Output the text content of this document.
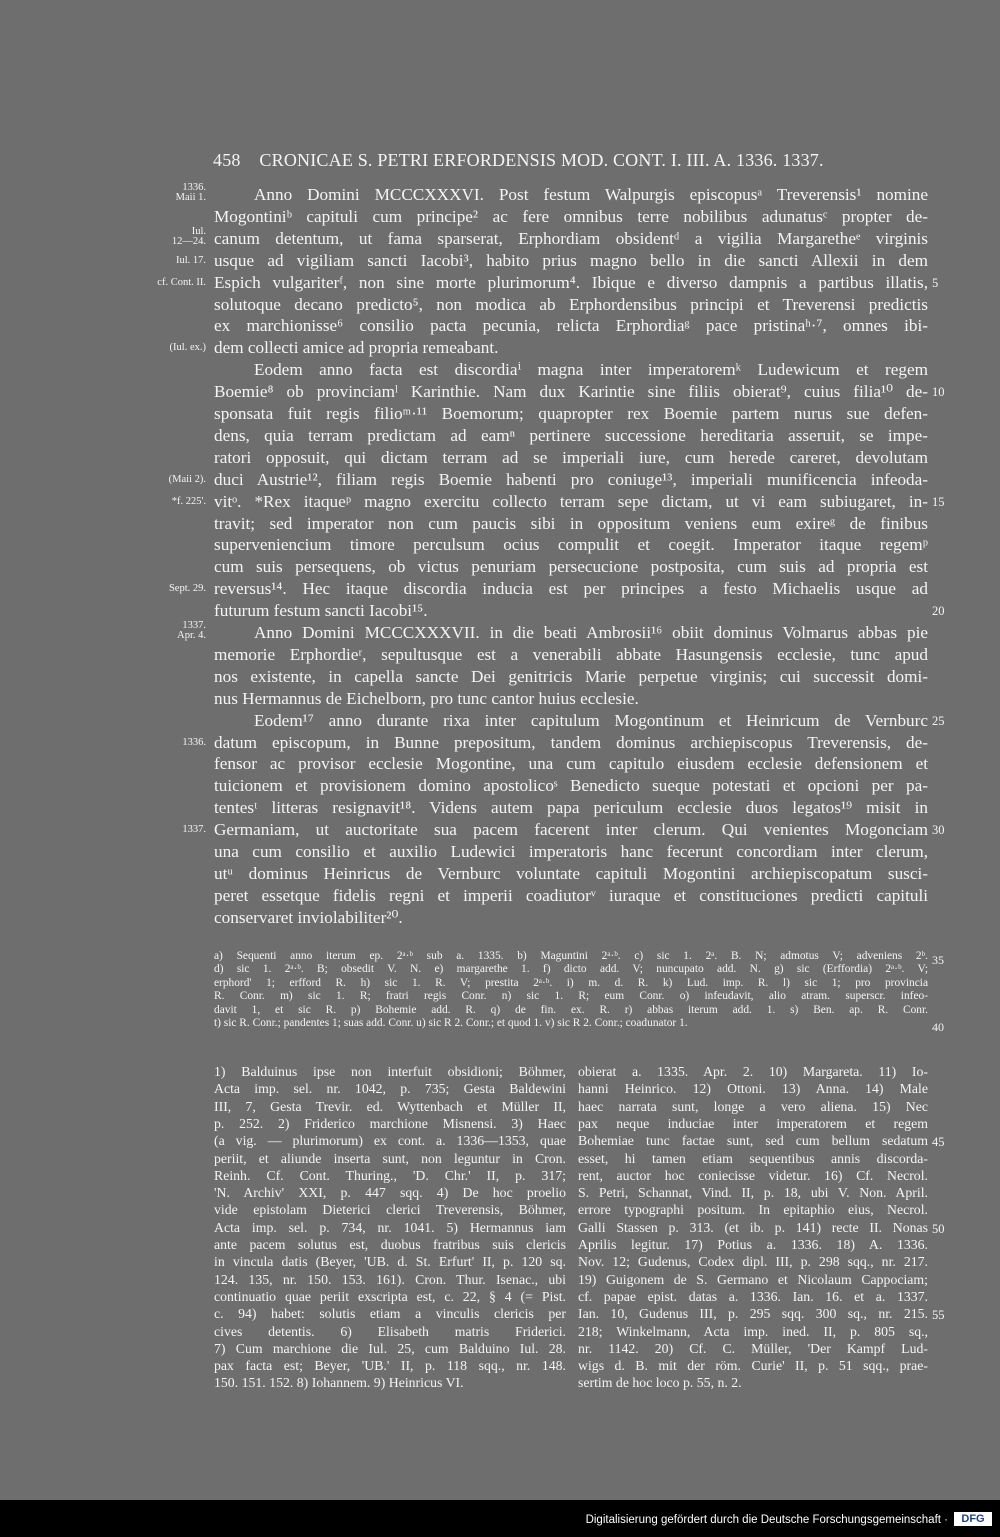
458 CRONICAE S. PETRI ERFORDENSIS MOD. CONT. I. III. A. 1336. 1337.
Anno Domini MCCCXXXVI. Post festum Walpurgis episcopusᵃ Treverensis¹ nomine
Mogontiniᵇ capituli cum principe² ac fere omnibus terre nobilibus adunatusᶜ propter de-
canum detentum, ut fama sparserat, Erphordiam obsidentᵈ a vigilia Margaretheᵉ virginis
usque ad vigiliam sancti Iacobi³, habito prius magno bello in die sancti Allexii in dem
Espich vulgariterᶠ, non sine morte plurimorum⁴. Ibique e diverso dampnis a partibus illatis,
solutoque decano predicto⁵, non modica ab Erphordensibus principi et Treverensi predictis
ex marchionisse⁶ consilio pacta pecunia, relicta Erphordiaᵍ pace pristinaʰ·⁷, omnes ibi-
dem collecti amice ad propria remeabant.
Eodem anno facta est discordiaⁱ magna inter imperatoremᵏ Ludewicum et regem
Boemie⁸ ob provinciamˡ Karinthie. Nam dux Karintie sine filiis obierat⁹, cuius filia¹⁰ de-
sponsata fuit regis filioᵐ·¹¹ Boemorum; quapropter rex Boemie partem nurus sue defen-
dens, quia terram predictam ad eamⁿ pertinere successione hereditaria asseruit, se impe-
ratori opposuit, qui dictam terram ad se imperiali iure, cum herede careret, devolutam
duci Austrie¹², filiam regis Boemie habenti pro coniuge¹³, imperiali munificencia infeoda-
vitᵒ. *Rex itaqueᵖ magno exercitu collecto terram sepe dictam, ut vi eam subiugaret, in-
travit; sed imperator non cum paucis sibi in oppositum veniens eum exireᵍ de finibus
superveniencium timore perculsum ocius compulit et coegit. Imperator itaque regemᵖ
cum suis persequens, ob victus penuriam persecucione postposita, cum suis ad propria est
reversus¹⁴. Hec itaque discordia inducia est per principes a festo Michaelis usque ad
futurum festum sancti Iacobi¹⁵.
Anno Domini MCCCXXXVII. in die beati Ambrosii¹⁶ obiit dominus Volmarus abbas pie
memorie Erphordieʳ, sepultusque est a venerabili abbate Hasungensis ecclesie, tunc apud
nos existente, in capella sancte Dei genitricis Marie perpetue virginis; cui successit domi-
nus Hermannus de Eichelborn, pro tunc cantor huius ecclesie.
Eodem¹⁷ anno durante rixa inter capitulum Mogontinum et Heinricum de Vernburc
datum episcopum, in Bunne prepositum, tandem dominus archiepiscopus Treverensis, de-
fensor ac provisor ecclesie Mogontine, una cum capitulo eiusdem ecclesie defensionem et
tuicionem et provisionem domino apostolicoˢ Benedicto sueque potestati et opcioni per pa-
tentesᵗ litteras resignavit¹⁸. Videns autem papa periculum ecclesie duos legatos¹⁹ misit in
Germaniam, ut auctoritate sua pacem facerent inter clerum. Qui venientes Mogonciam
una cum consilio et auxilio Ludewici imperatoris hanc fecerunt concordiam inter clerum,
utᵘ dominus Heinricus de Vernburc voluntate capituli Mogontini archiepiscopatum susci-
peret essetque fidelis regni et imperii coadiutorᵛ iuraque et constituciones predicti capituli
conservaret inviolabiliter²⁰.
1336.
Maii 1.
Iul.
12—24.
Iul. 17.
cf. Cont. II.
(Iul. ex.)
(Maii 2).
*f. 225'.
Sept. 29.
1337.
Apr. 4.
1336.
1337.
5
10
15
20
25
30
a) Sequenti anno iterum ep. 2ᵃ·ᵇ sub a. 1335. b) Maguntini 2ᵃ·ᵇ. c) sic 1. 2ᵃ. B. N; admotus V; adveniens 2ᵇ. 35
d) sic 1. 2ᵃ·ᵇ. B; obsedit V. N. e) margarethe 1. f) dicto add. V; nuncupato add. N. g) sic (Erffordia) 2ᵃ·ᵇ. V;
erphord' 1; erfford R. h) sic 1. R. V; prestita 2ᵃ·ᵇ. i) m. d. R. k) Lud. imp. R. l) sic 1; pro provincia
R. Conr. m) sic 1. R; fratri regis Conr. n) sic 1. R; eum Conr. o) infeudavit, alio atram. superscr. infeo-
davit 1, et sic R. p) Bohemie add. R. q) de fin. ex. R. r) abbas iterum add. 1. s) Ben. ap. R. Conr.
t) sic R. Conr.; pandentes 1; suas add. Conr. u) sic R 2. Conr.; et quod 1. v) sic R 2. Conr.; coadunator 1.	40
1) Balduinus ipse non interfuit obsidioni; Böhmer,
Acta imp. sel. nr. 1042, p. 735; Gesta Baldewini
III, 7, Gesta Trevir. ed. Wyttenbach et Müller II,
p. 252. 2) Friderico marchione Misnensi. 3) Haec
(a vig. — plurimorum) ex cont. a. 1336—1353, quae
periit, et aliunde inserta sunt, non leguntur in Cron.
Reinh. Cf. Cont. Thuring., 'D. Chr.' II, p. 317;
'N. Archiv' XXI, p. 447 sqq. 4) De hoc proelio
vide epistolam Dieterici clerici Treverensis, Böhmer,
Acta imp. sel. p. 734, nr. 1041. 5) Hermannus iam
ante pacem solutus est, duobus fratribus suis clericis
in vincula datis (Beyer, 'UB. d. St. Erfurt' II, p. 120 sq.
124. 135, nr. 150. 153. 161). Cron. Thur. Isenac., ubi
continuatio quae periit exscripta est, c. 22, § 4 (= Pist.
c. 94) habet: solutis etiam a vinculis clericis per
cives detentis. 6) Elisabeth matris Friderici.
7) Cum marchione die Iul. 25, cum Balduino Iul. 28.
pax facta est; Beyer, 'UB.' II, p. 118 sqq., nr. 148.
150. 151. 152. 8) Iohannem. 9) Heinricus VI.
obierat a. 1335. Apr. 2. 10) Margareta. 11) Io-
hanni Heinrico. 12) Ottoni. 13) Anna. 14) Male
haec narrata sunt, longe a vero aliena. 15) Nec
pax neque induciae inter imperatorem et regem
Bohemiae tunc factae sunt, sed cum bellum sedatum 45
esset, hi tamen etiam sequentibus annis discorda-
rent, auctor hoc coniecisse videtur. 16) Cf. Necrol.
S. Petri, Schannat, Vind. II, p. 18, ubi V. Non. April.
errore typographi positum. In epitaphio eius, Necrol.
Galli Stassen p. 313. (et ib. p. 141) recte II. Nonas 50
Aprilis legitur. 17) Potius a. 1336. 18) A. 1336.
Nov. 12; Gudenus, Codex dipl. III, p. 298 sqq., nr. 217.
19) Guigonem de S. Germano et Nicolaum Cappociam;
cf. papae epist. datas a. 1336. Ian. 16. et a. 1337.
Ian. 10, Gudenus III, p. 295 sqq. 300 sq., nr. 215. 55
218; Winkelmann, Acta imp. ined. II, p. 805 sq.,
nr. 1142. 20) Cf. C. Müller, 'Der Kampf Lud-
wigs d. B. mit der röm. Curie' II, p. 51 sqq., prae-
sertim de hoc loco p. 55, n. 2.
Digitalisierung gefördert durch die Deutsche Forschungsgemeinschaft ·	DFG
